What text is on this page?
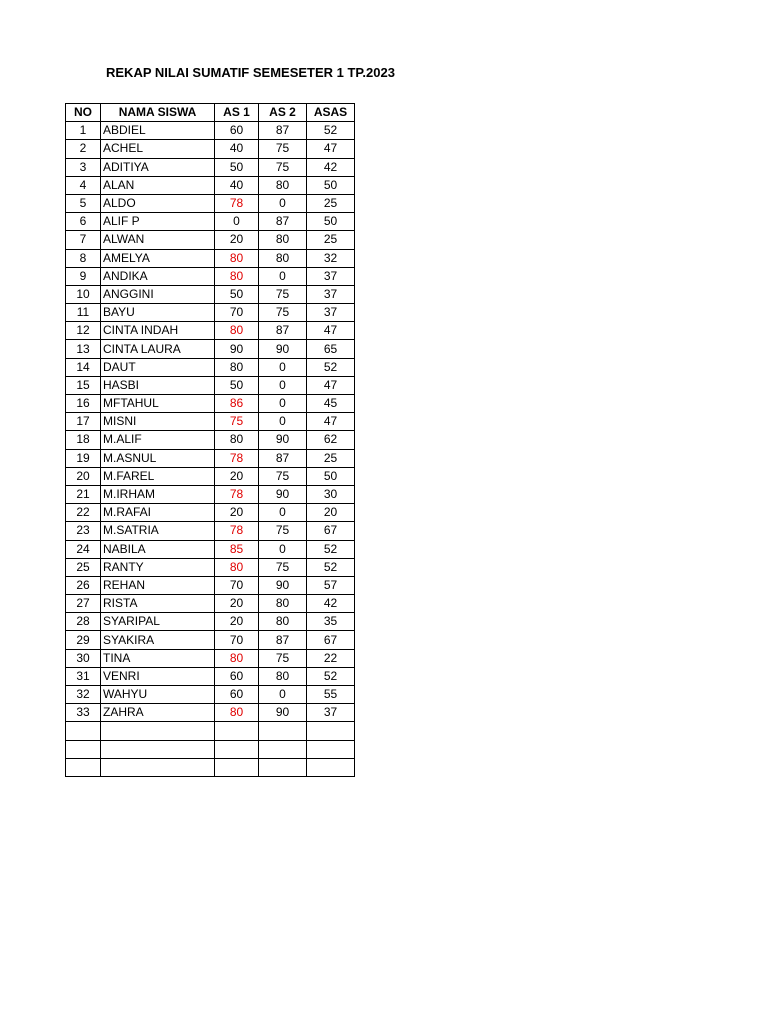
REKAP NILAI SUMATIF SEMESETER 1 TP.2023
NO	NAMA SISWA	AS 1	AS 2	ASAS
1	ABDIEL	60	87	52
2	ACHEL	40	75	47
3	ADITIYA	50	75	42
4	ALAN	40	80	50
5	ALDO	78	0	25
6	ALIF P	0	87	50
7	ALWAN	20	80	25
8	AMELYA	80	80	32
9	ANDIKA	80	0	37
10	ANGGINI	50	75	37
11	BAYU	70	75	37
12	CINTA INDAH	80	87	47
13	CINTA LAURA	90	90	65
14	DAUT	80	0	52
15	HASBI	50	0	47
16	MFTAHUL	86	0	45
17	MISNI	75	0	47
18	M.ALIF	80	90	62
19	M.ASNUL	78	87	25
20	M.FAREL	20	75	50
21	M.IRHAM	78	90	30
22	M.RAFAI	20	0	20
23	M.SATRIA	78	75	67
24	NABILA	85	0	52
25	RANTY	80	75	52
26	REHAN	70	90	57
27	RISTA	20	80	42
28	SYARIPAL	20	80	35
29	SYAKIRA	70	87	67
30	TINA	80	75	22
31	VENRI	60	80	52
32	WAHYU	60	0	55
33	ZAHRA	80	90	37
